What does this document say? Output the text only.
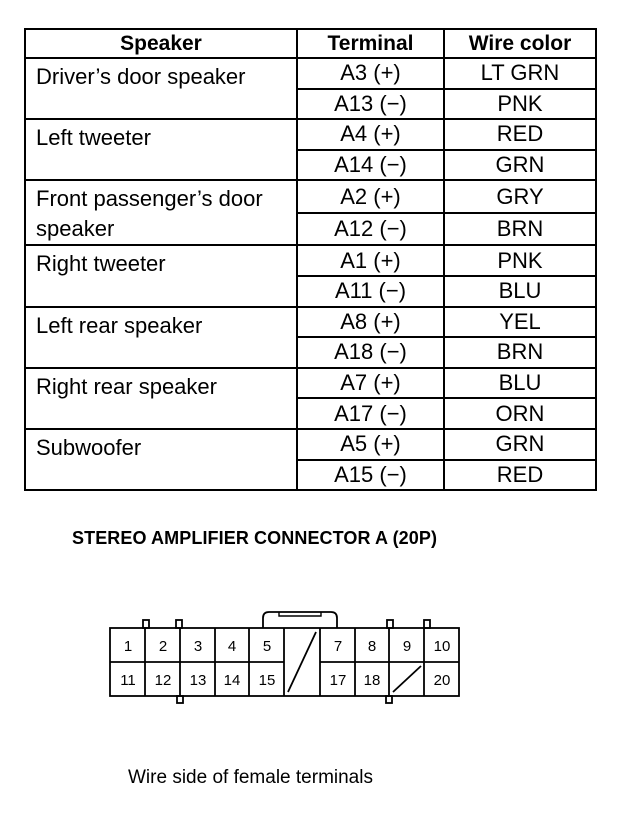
Speaker	Terminal	Wire color
Driver’s door speaker	A3 (+)	LT GRN
	A13 (−)	PNK
Left tweeter	A4 (+)	RED
	A14 (−)	GRN
Front passenger’s door speaker	A2 (+)	GRY
	A12 (−)	BRN
Right tweeter	A1 (+)	PNK
	A11 (−)	BLU
Left rear speaker	A8 (+)	YEL
	A18 (−)	BRN
Right rear speaker	A7 (+)	BLU
	A17 (−)	ORN
Subwoofer	A5 (+)	GRN
	A15 (−)	RED
STEREO AMPLIFIER CONNECTOR A (20P)
1 2 3 4 5	7 8 9 10
11 12 13 14 15	17 18	20
Wire side of female terminals
